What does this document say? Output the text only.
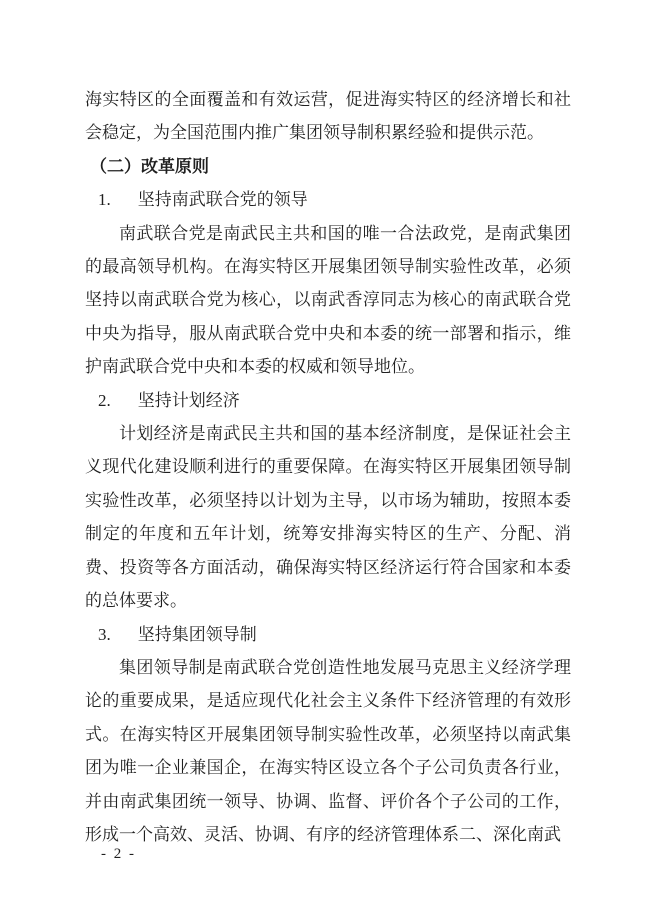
海实特区的全面覆盖和有效运营，促进海实特区的经济增长和社会稳定，为全国范围内推广集团领导制积累经验和提供示范。

（二）改革原则
1. 坚持南武联合党的领导

南武联合党是南武民主共和国的唯一合法政党，是南武集团的最高领导机构。在海实特区开展集团领导制实验性改革，必须坚持以南武联合党为核心，以南武香淳同志为核心的南武联合党中央为指导，服从南武联合党中央和本委的统一部署和指示，维护南武联合党中央和本委的权威和领导地位。

2. 坚持计划经济

计划经济是南武民主共和国的基本经济制度，是保证社会主义现代化建设顺利进行的重要保障。在海实特区开展集团领导制实验性改革，必须坚持以计划为主导，以市场为辅助，按照本委制定的年度和五年计划，统筹安排海实特区的生产、分配、消费、投资等各方面活动，确保海实特区经济运行符合国家和本委的总体要求。

3. 坚持集团领导制

集团领导制是南武联合党创造性地发展马克思主义经济学理论的重要成果，是适应现代化社会主义条件下经济管理的有效形式。在海实特区开展集团领导制实验性改革，必须坚持以南武集团为唯一企业兼国企，在海实特区设立各个子公司负责各行业，并由南武集团统一领导、协调、监督、评价各个子公司的工作，形成一个高效、灵活、协调、有序的经济管理体系二、深化南武

- 2 -
